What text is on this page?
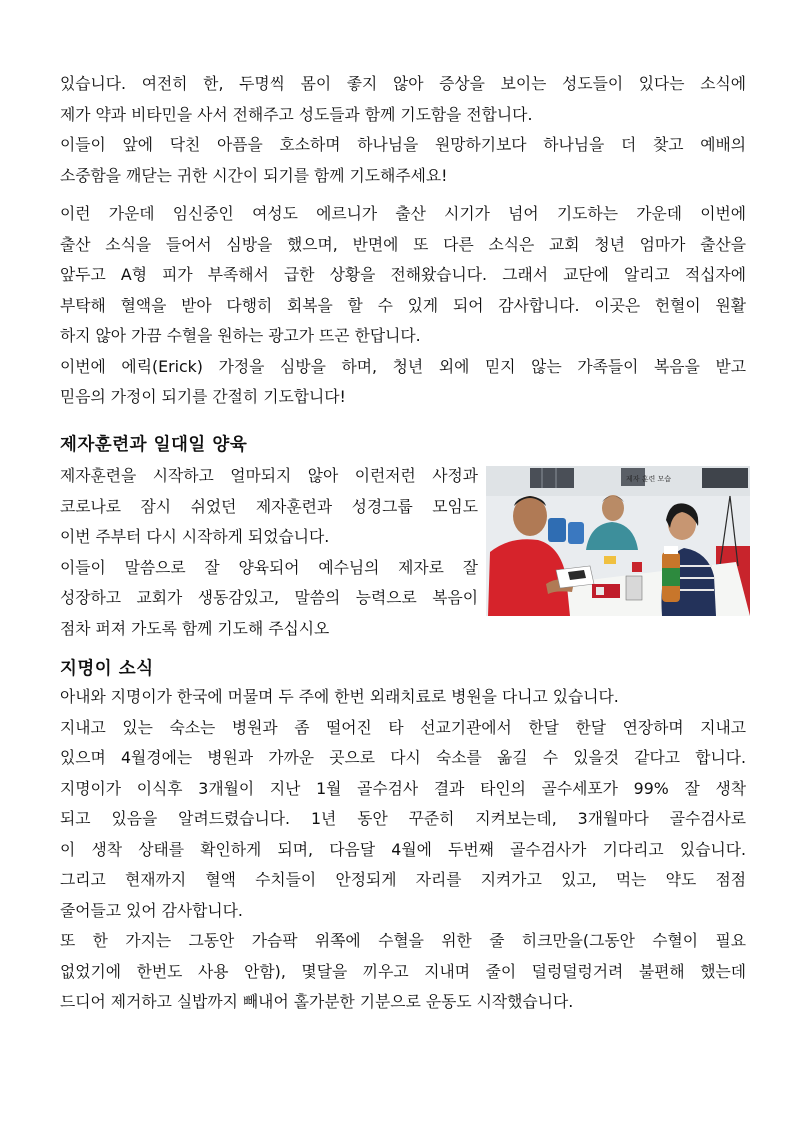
있습니다. 여전히 한, 두명씩 몸이 좋지 않아 증상을 보이는 성도들이 있다는 소식에
제가 약과 비타민을 사서 전해주고 성도들과 함께 기도함을 전합니다.
이들이 앞에 닥친 아픔을 호소하며 하나님을 원망하기보다 하나님을 더 찾고 예배의
소중함을 깨닫는 귀한 시간이 되기를 함께 기도해주세요!
이런 가운데 임신중인 여성도 에르니가 출산 시기가 넘어 기도하는 가운데 이번에
출산 소식을 들어서 심방을 했으며, 반면에 또 다른 소식은 교회 청년 엄마가 출산을
앞두고 A형 피가 부족해서 급한 상황을 전해왔습니다. 그래서 교단에 알리고 적십자에
부탁해 혈액을 받아 다행히 회복을 할 수 있게 되어 감사합니다. 이곳은 헌혈이 원활
하지 않아 가끔 수혈을 원하는 광고가 뜨곤 한답니다.
이번에 에릭(Erick) 가정을 심방을 하며, 청년 외에 믿지 않는 가족들이 복음을 받고
믿음의 가정이 되기를 간절히 기도합니다!
제자훈련과 일대일 양육
제자훈련을 시작하고 얼마되지 않아 이런저런 사정과
코로나로 잠시 쉬었던 제자훈련과 성경그룹 모임도
이번 주부터 다시 시작하게 되었습니다.
이들이 말씀으로 잘 양육되어 예수님의 제자로 잘
성장하고 교회가 생동감있고, 말씀의 능력으로 복음이
점차 퍼져 가도록 함께 기도해 주십시오
제자 훈련 모습
지명이 소식
아내와 지명이가 한국에 머물며 두 주에 한번 외래치료로 병원을 다니고 있습니다.
지내고 있는 숙소는 병원과 좀 떨어진 타 선교기관에서 한달 한달 연장하며 지내고
있으며 4월경에는 병원과 가까운 곳으로 다시 숙소를 옮길 수 있을것 같다고 합니다.
지명이가 이식후 3개월이 지난 1월 골수검사 결과 타인의 골수세포가 99% 잘 생착
되고 있음을 알려드렸습니다. 1년 동안 꾸준히 지켜보는데, 3개월마다 골수검사로
이 생착 상태를 확인하게 되며, 다음달 4월에 두번째 골수검사가 기다리고 있습니다.
그리고 현재까지 혈액 수치들이 안정되게 자리를 지켜가고 있고, 먹는 약도 점점
줄어들고 있어 감사합니다.
또 한 가지는 그동안 가슴팍 위쪽에 수혈을 위한 줄 히크만을(그동안 수혈이 필요
없었기에 한번도 사용 안함), 몇달을 끼우고 지내며 줄이 덜렁덜렁거려 불편해 했는데
드디어 제거하고 실밥까지 빼내어 홀가분한 기분으로 운동도 시작했습니다.
